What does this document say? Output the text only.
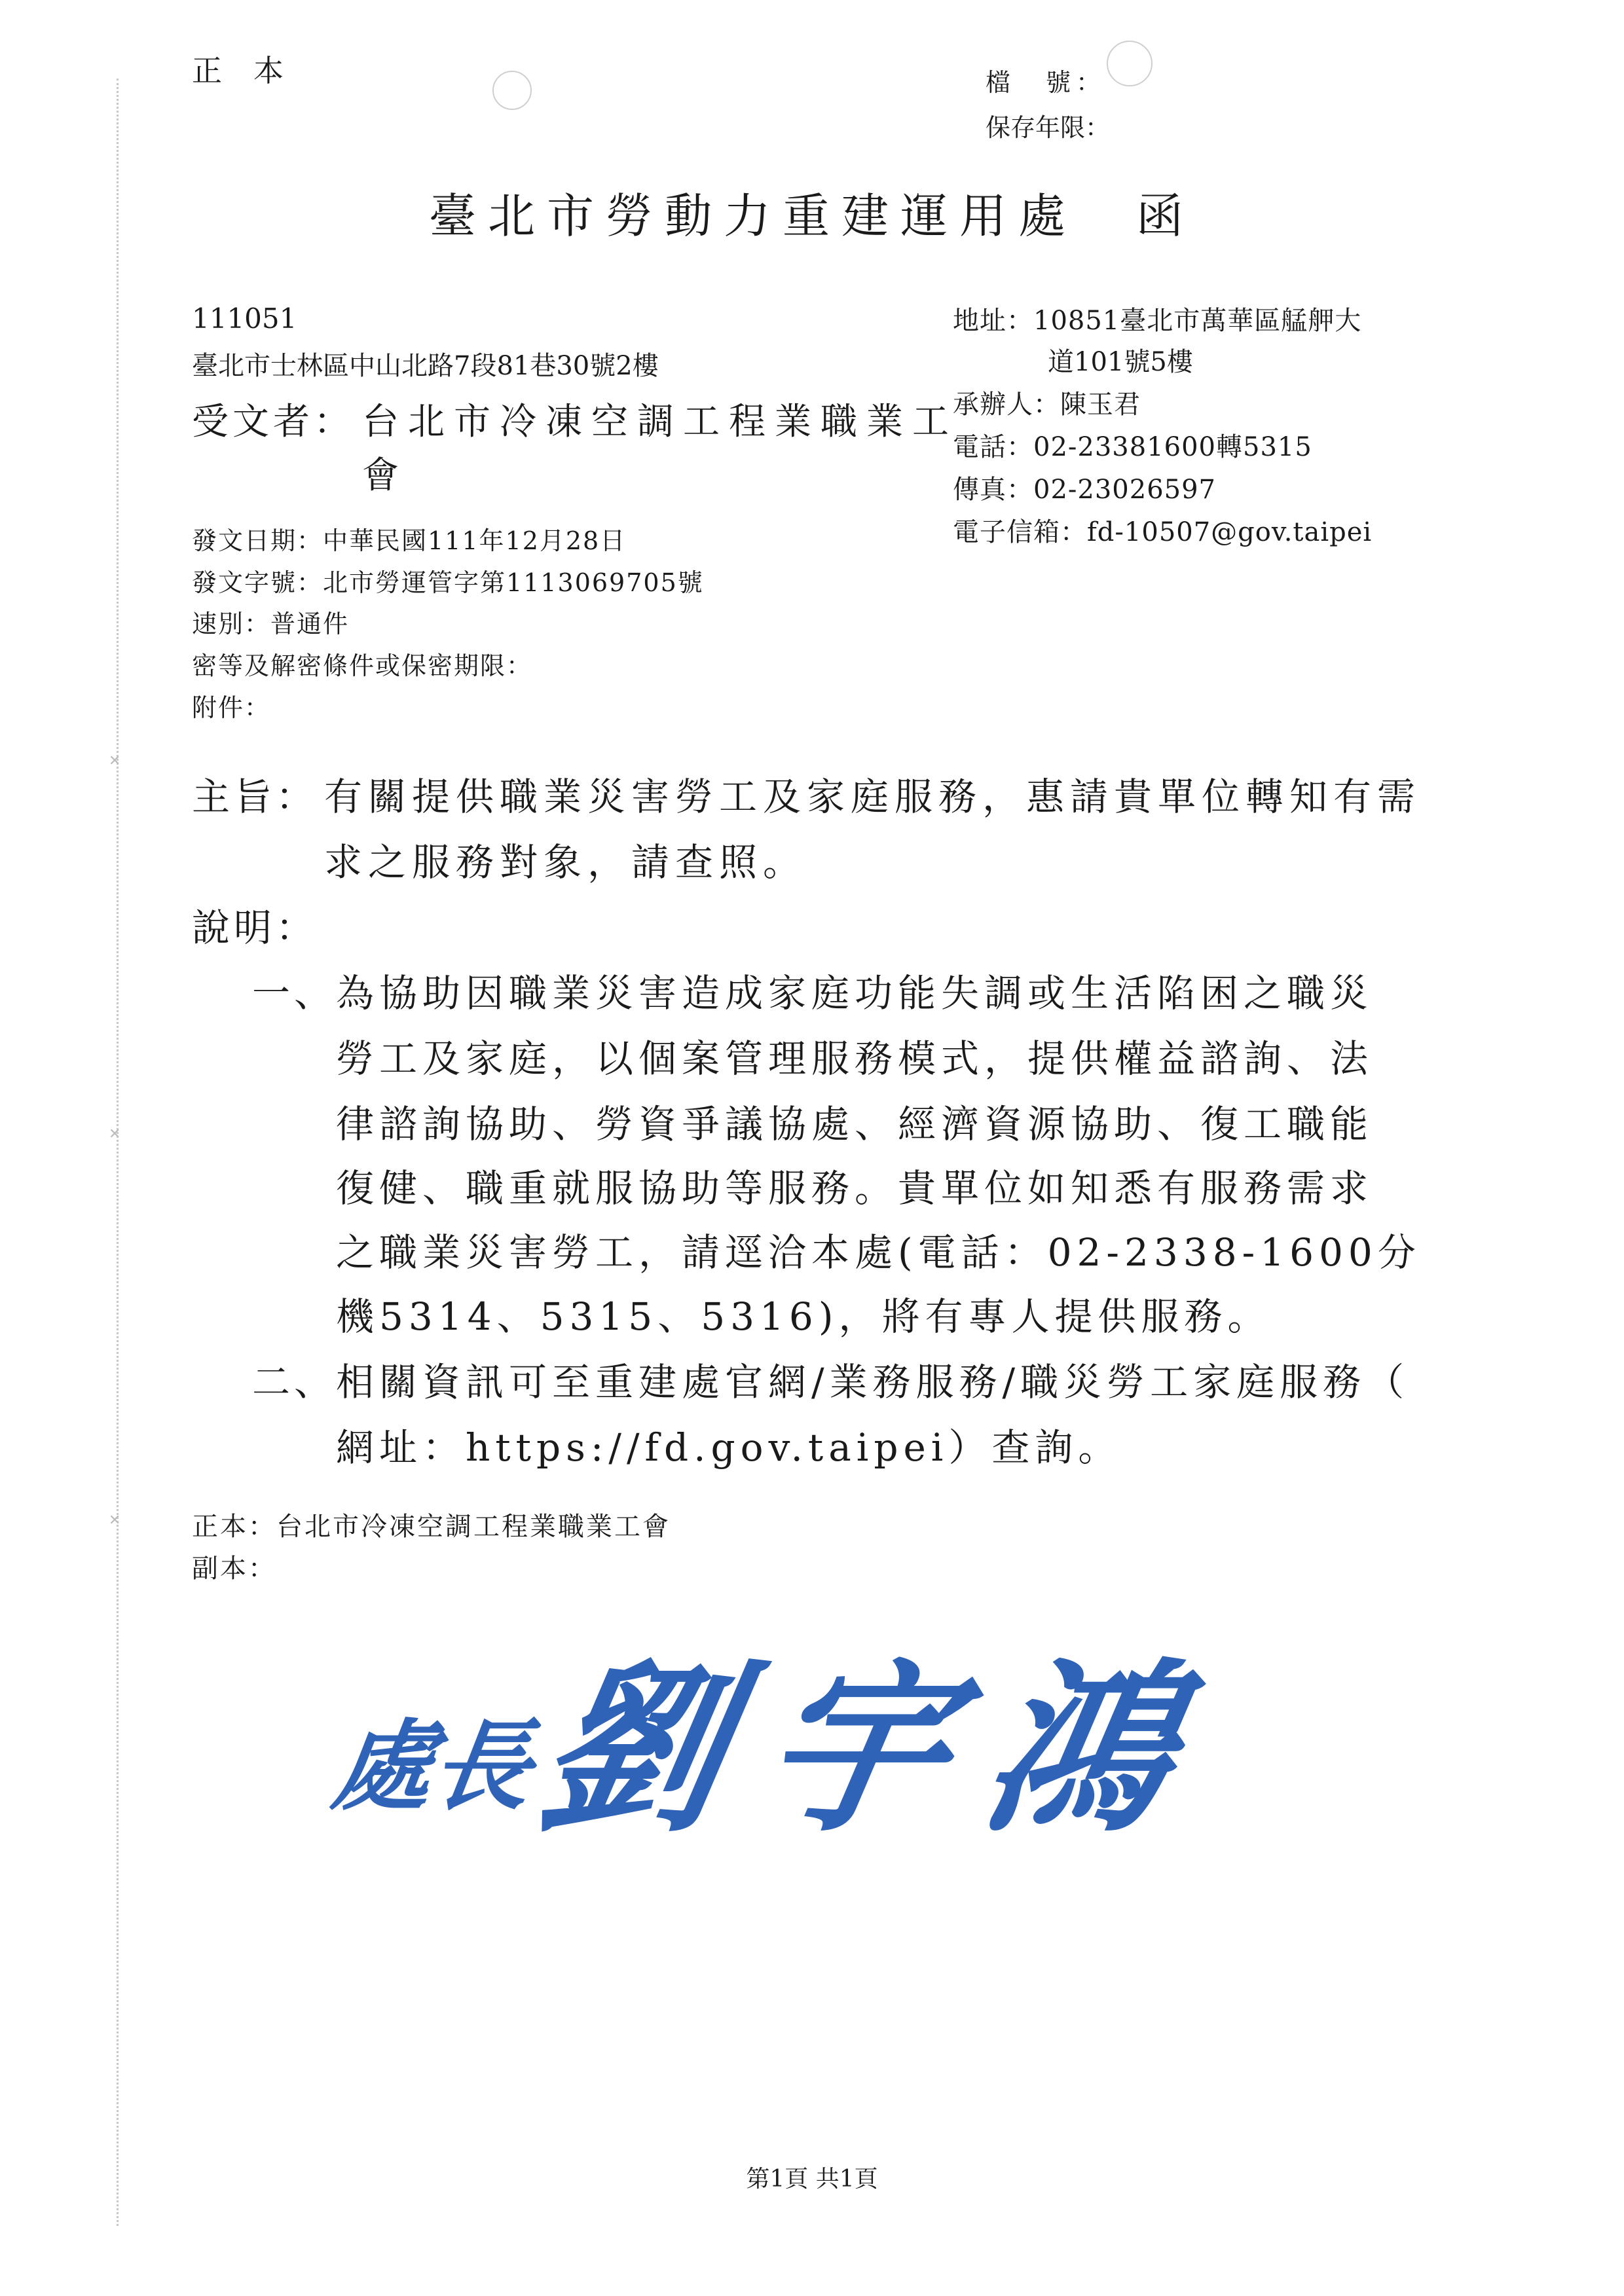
✕
✕
✕
正本	檔　號：
保存年限：
臺北市勞動力重建運用處　函
111051
臺北市士林區中山北路7段81巷30號2樓
受文者： 台北市冷凍空調工程業職業工
會
地址：10851臺北市萬華區艋舺大
道101號5樓
承辦人：陳玉君
電話：02-23381600轉5315
傳真：02-23026597
電子信箱：fd-10507@gov.taipei
發文日期：中華民國111年12月28日
發文字號：北市勞運管字第1113069705號
速別：普通件
密等及解密條件或保密期限：
附件：
主旨： 有關提供職業災害勞工及家庭服務，惠請貴單位轉知有需
求之服務對象，請查照。
說明：
一、 為協助因職業災害造成家庭功能失調或生活陷困之職災
勞工及家庭，以個案管理服務模式，提供權益諮詢、法
律諮詢協助、勞資爭議協處、經濟資源協助、復工職能
復健、職重就服協助等服務。貴單位如知悉有服務需求
之職業災害勞工，請逕洽本處(電話：02-2338-1600分
機5314、5315、5316)，將有專人提供服務。
二、 相關資訊可至重建處官網/業務服務/職災勞工家庭服務（
網址：https://fd.gov.taipei）查詢。
正本：台北市冷凍空調工程業職業工會
副本：
處長
劉宇鴻
第1頁 共1頁
